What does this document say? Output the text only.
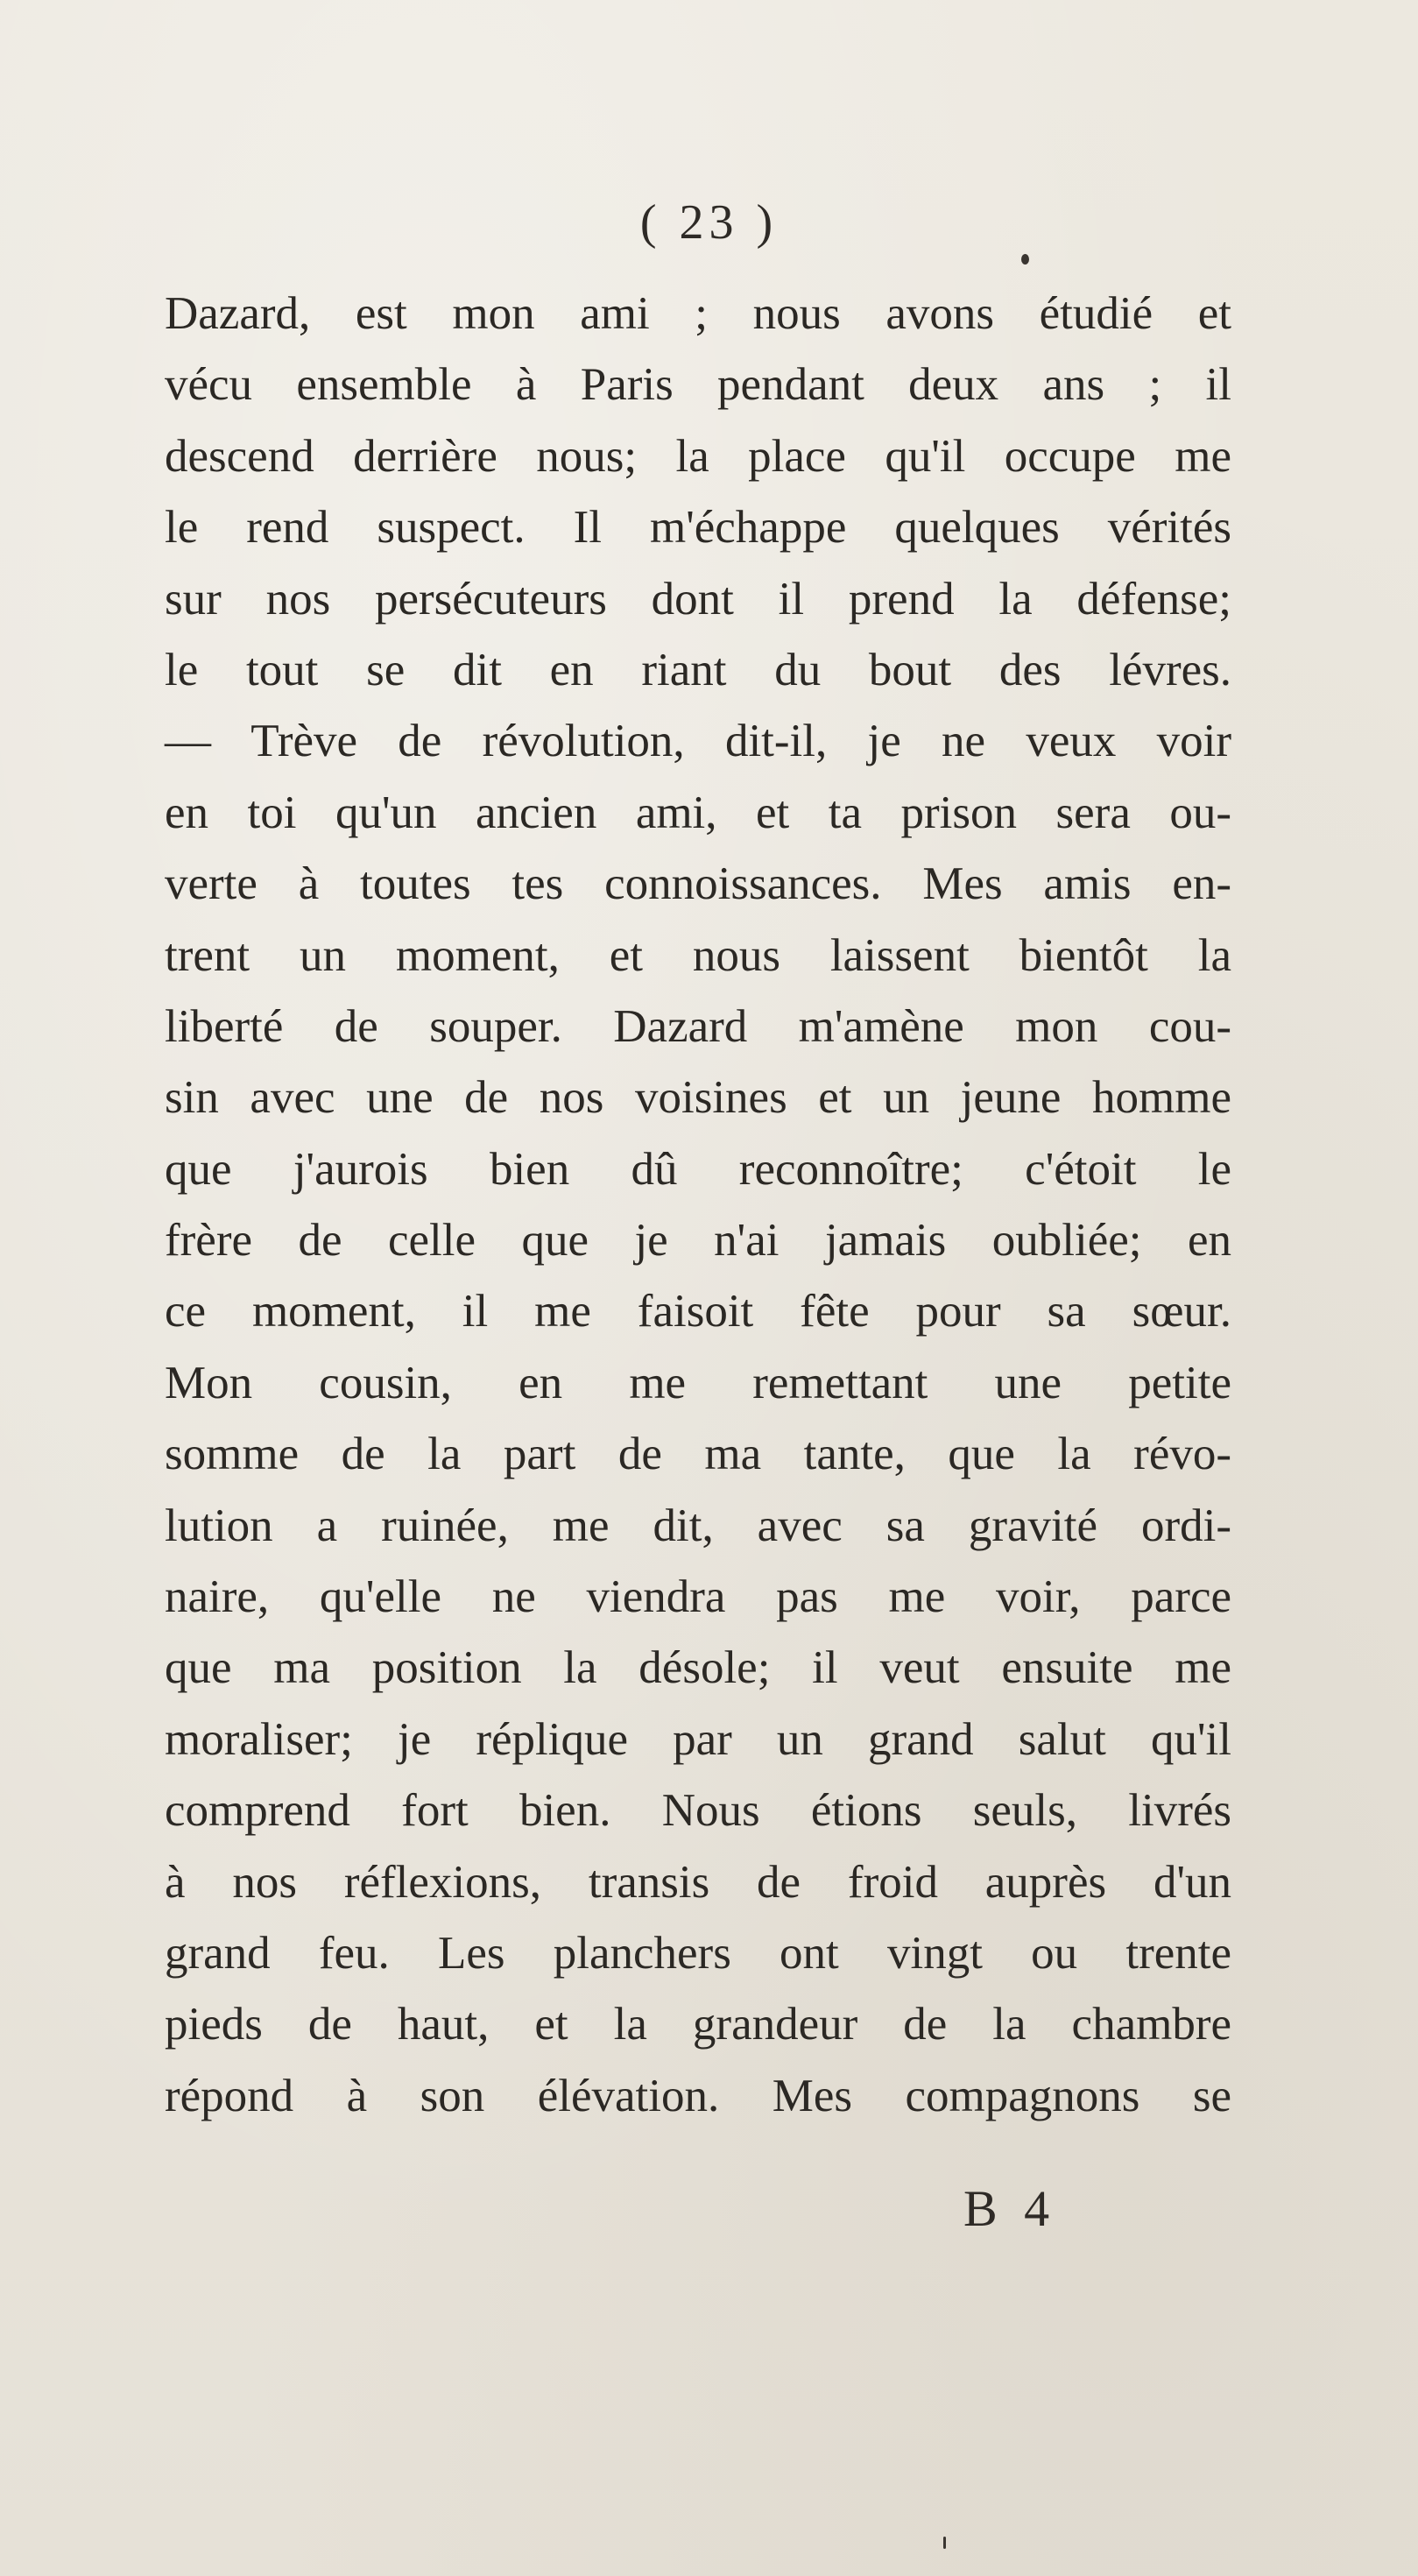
( 23 )
Dazard, est mon ami ; nous avons étudié et
vécu ensemble à Paris pendant deux ans ; il
descend derrière nous; la place qu'il occupe me
le rend suspect. Il m'échappe quelques vérités
sur nos persécuteurs dont il prend la défense;
le tout se dit en riant du bout des lévres.
— Trève de révolution, dit-il, je ne veux voir
en toi qu'un ancien ami, et ta prison sera ou-
verte à toutes tes connoissances. Mes amis en-
trent un moment, et nous laissent bientôt la
liberté de souper. Dazard m'amène mon cou-
sin avec une de nos voisines et un jeune homme
que j'aurois bien dû reconnoître; c'étoit le
frère de celle que je n'ai jamais oubliée; en
ce moment, il me faisoit fête pour sa sœur.
Mon cousin, en me remettant une petite
somme de la part de ma tante, que la révo-
lution a ruinée, me dit, avec sa gravité ordi-
naire, qu'elle ne viendra pas me voir, parce
que ma position la désole; il veut ensuite me
moraliser; je réplique par un grand salut qu'il
comprend fort bien. Nous étions seuls, livrés
à nos réflexions, transis de froid auprès d'un
grand feu. Les planchers ont vingt ou trente
pieds de haut, et la grandeur de la chambre
répond à son élévation. Mes compagnons se
B 4
